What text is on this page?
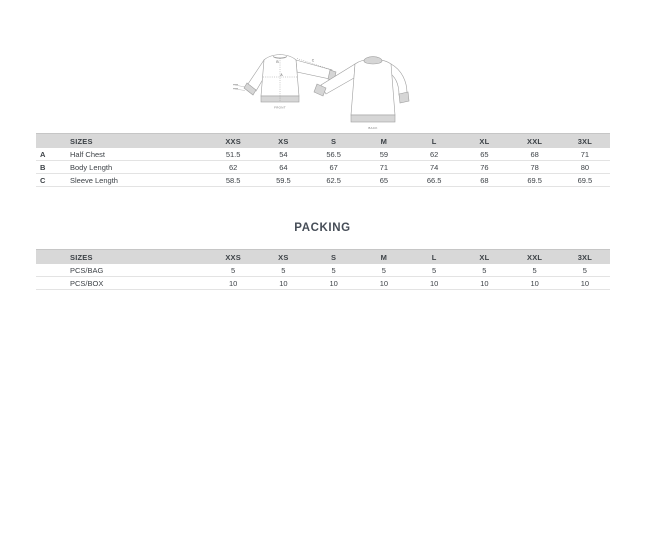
A
B	C
FRONT
BACK
	SIZES	XXS	XS	S	M	L	XL	XXL	3XL
A	Half Chest	51.5	54	56.5	59	62	65	68	71
B	Body Length	62	64	67	71	74	76	78	80
C	Sleeve Length	58.5	59.5	62.5	65	66.5	68	69.5	69.5
PACKING
	SIZES	XXS	XS	S	M	L	XL	XXL	3XL
	PCS/BAG	5	5	5	5	5	5	5	5
	PCS/BOX	10	10	10	10	10	10	10	10
